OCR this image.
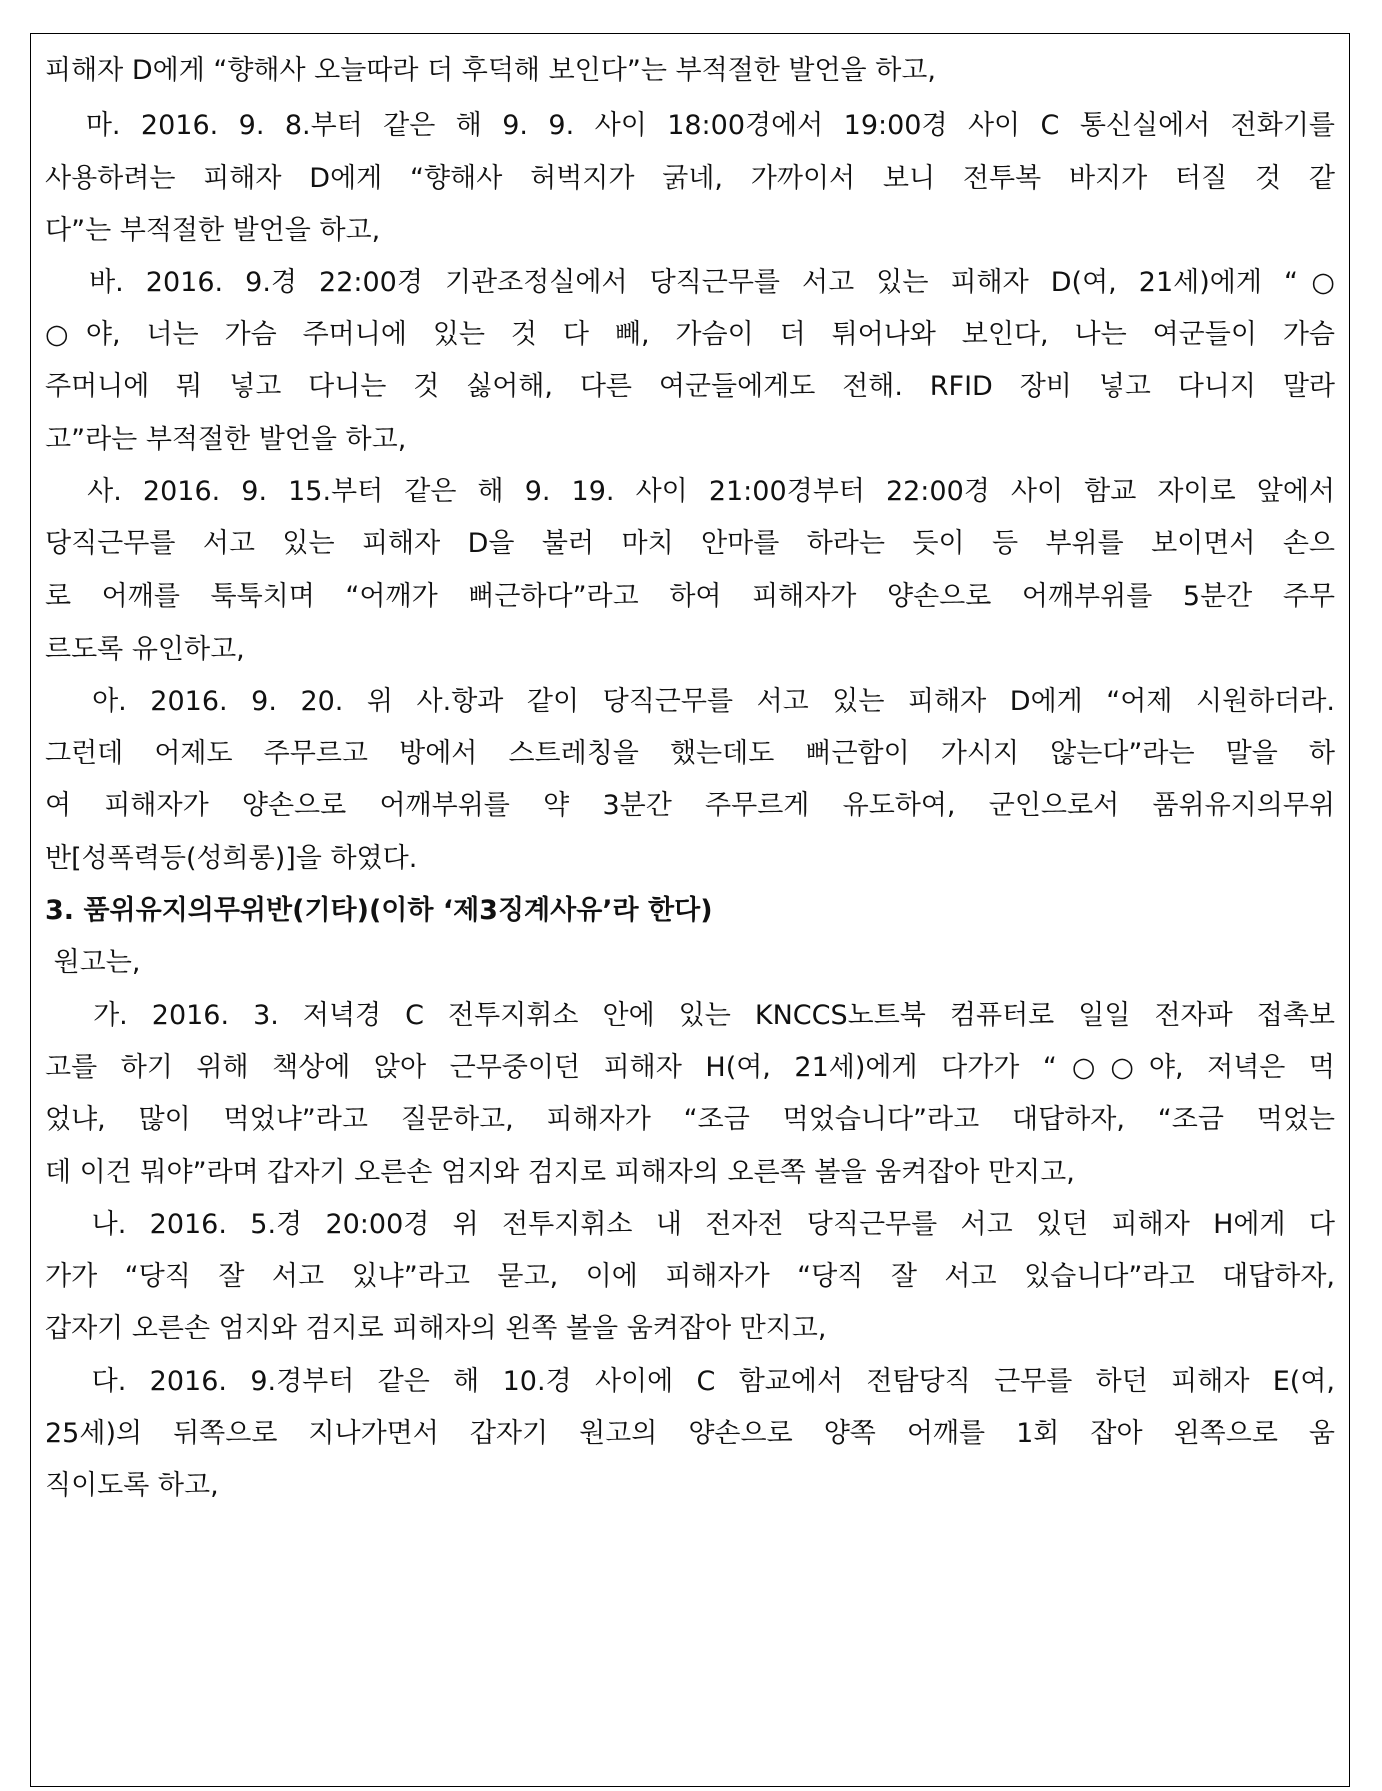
피해자 D에게 “향해사 오늘따라 더 후덕해 보인다”는 부적절한 발언을 하고,
마. 2016. 9. 8.부터 같은 해 9. 9. 사이 18:00경에서 19:00경 사이 C 통신실에서 전화기를
사용하려는 피해자 D에게 “향해사 허벅지가 굵네, 가까이서 보니 전투복 바지가 터질 것 같
다”는 부적절한 발언을 하고,
바. 2016. 9.경 22:00경 기관조정실에서 당직근무를 서고 있는 피해자 D(여, 21세)에게 “○
○야, 너는 가슴 주머니에 있는 것 다 빼, 가슴이 더 튀어나와 보인다, 나는 여군들이 가슴
주머니에 뭐 넣고 다니는 것 싫어해, 다른 여군들에게도 전해. RFID 장비 넣고 다니지 말라
고”라는 부적절한 발언을 하고,
사. 2016. 9. 15.부터 같은 해 9. 19. 사이 21:00경부터 22:00경 사이 함교 자이로 앞에서
당직근무를 서고 있는 피해자 D을 불러 마치 안마를 하라는 듯이 등 부위를 보이면서 손으
로 어깨를 툭툭치며 “어깨가 뻐근하다”라고 하여 피해자가 양손으로 어깨부위를 5분간 주무
르도록 유인하고,
아. 2016. 9. 20. 위 사.항과 같이 당직근무를 서고 있는 피해자 D에게 “어제 시원하더라.
그런데 어제도 주무르고 방에서 스트레칭을 했는데도 뻐근함이 가시지 않는다”라는 말을 하
여 피해자가 양손으로 어깨부위를 약 3분간 주무르게 유도하여, 군인으로서 품위유지의무위
반[성폭력등(성희롱)]을 하였다.
3. 품위유지의무위반(기타)(이하 ‘제3징계사유’라 한다)
원고는,
가. 2016. 3. 저녁경 C 전투지휘소 안에 있는 KNCCS노트북 컴퓨터로 일일 전자파 접촉보
고를 하기 위해 책상에 앉아 근무중이던 피해자 H(여, 21세)에게 다가가 “○○야, 저녁은 먹
었냐, 많이 먹었냐”라고 질문하고, 피해자가 “조금 먹었습니다”라고 대답하자, “조금 먹었는
데 이건 뭐야”라며 갑자기 오른손 엄지와 검지로 피해자의 오른쪽 볼을 움켜잡아 만지고,
나. 2016. 5.경 20:00경 위 전투지휘소 내 전자전 당직근무를 서고 있던 피해자 H에게 다
가가 “당직 잘 서고 있냐”라고 묻고, 이에 피해자가 “당직 잘 서고 있습니다”라고 대답하자,
갑자기 오른손 엄지와 검지로 피해자의 왼쪽 볼을 움켜잡아 만지고,
다. 2016. 9.경부터 같은 해 10.경 사이에 C 함교에서 전탐당직 근무를 하던 피해자 E(여,
25세)의 뒤쪽으로 지나가면서 갑자기 원고의 양손으로 양쪽 어깨를 1회 잡아 왼쪽으로 움
직이도록 하고,
